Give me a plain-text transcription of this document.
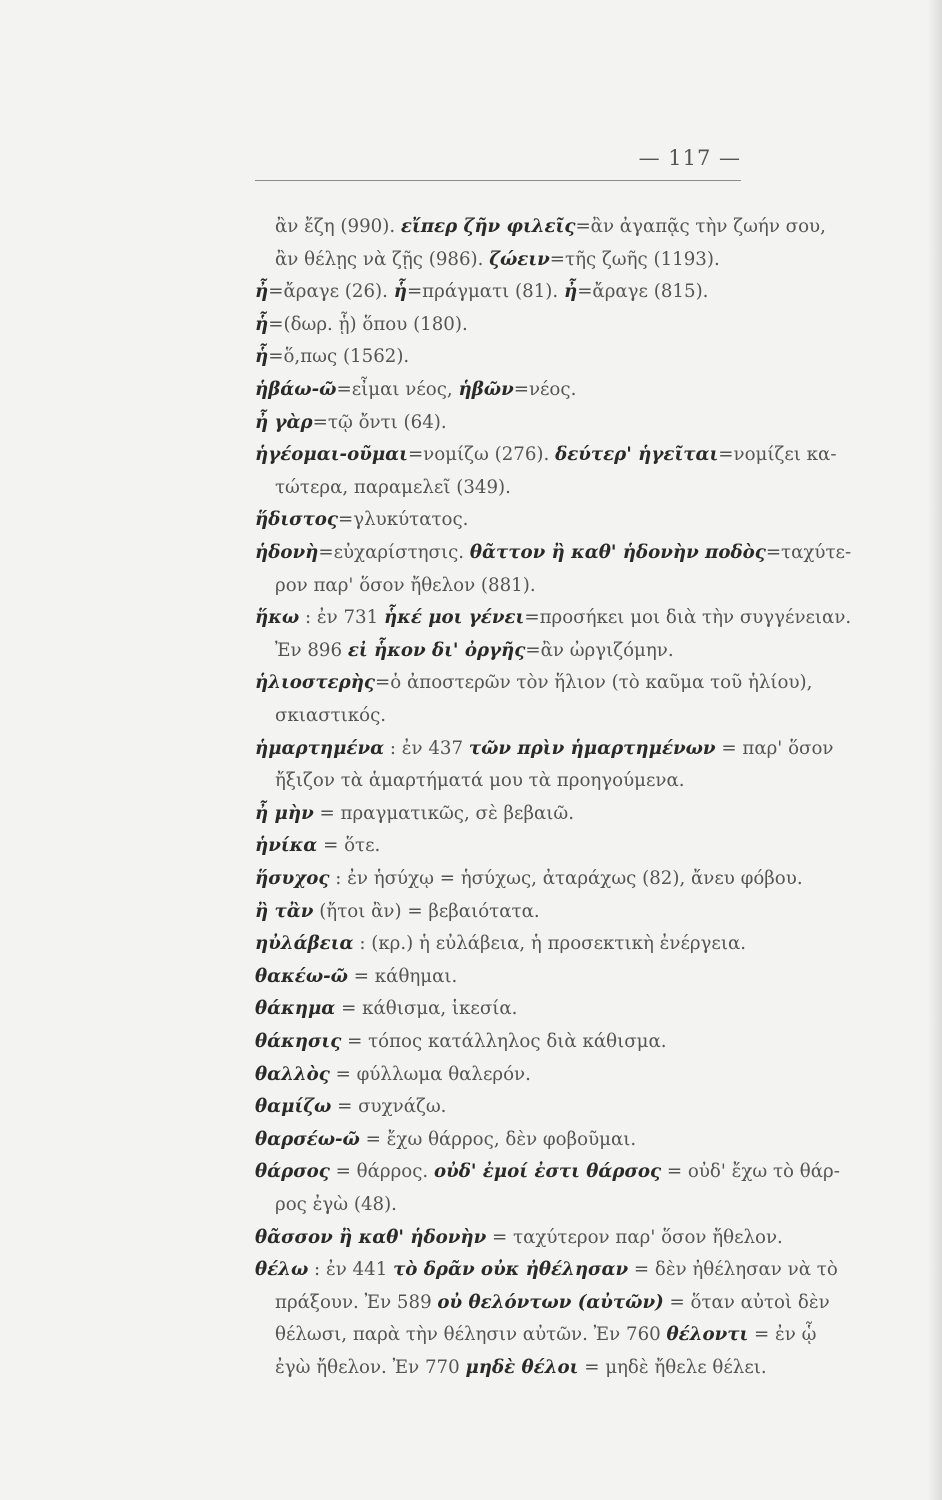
— 117 —
ἂν ἔζη (990). εἴπερ ζῆν φιλεῖς=ἂν ἀγαπᾷς τὴν ζωήν σου,
ἂν θέλῃς νὰ ζῇς (986). ζώειν=τῆς ζωῆς (1193).
ἦ=ἄραγε (26). ἧ=πράγματι (81). ἦ=ἄραγε (815).
ἧ=(δωρ. ᾗ) ὅπου (180).
ἧ=ὅ,πως (1562).
ἡβάω-ῶ=εἶμαι νέος, ἡβῶν=νέος.
ἦ γὰρ=τῷ ὄντι (64).
ἡγέομαι-οῦμαι=νομίζω (276). δεύτερ' ἡγεῖται=νομίζει κα-
τώτερα, παραμελεῖ (349).
ἥδιστος=γλυκύτατος.
ἡδονὴ=εὐχαρίστησις. θᾶττον ἢ καθ' ἡδονὴν ποδὸς=ταχύτε-
ρον παρ' ὅσον ἤθελον (881).
ἥκω : ἐν 731 ἧκέ μοι γένει=προσήκει μοι διὰ τὴν συγγένειαν.
Ἐν 896 εἰ ἧκον δι' ὀργῆς=ἂν ὠργιζόμην.
ἡλιοστερὴς=ὁ ἀποστερῶν τὸν ἥλιον (τὸ καῦμα τοῦ ἡλίου),
σκιαστικός.
ἡμαρτημένα : ἐν 437 τῶν πρὶν ἡμαρτημένων = παρ' ὅσον
ἤξιζον τὰ ἁμαρτήματά μου τὰ προηγούμενα.
ἦ μὴν = πραγματικῶς, σὲ βεβαιῶ.
ἡνίκα = ὅτε.
ἥσυχος : ἐν ἡσύχῳ = ἡσύχως, ἀταράχως (82), ἄνευ φόβου.
ἢ τἂν (ἤτοι ἂν) = βεβαιότατα.
ηὐλάβεια : (κρ.) ἡ εὐλάβεια, ἡ προσεκτικὴ ἐνέργεια.
θακέω-ῶ = κάθημαι.
θάκημα = κάθισμα, ἱκεσία.
θάκησις = τόπος κατάλληλος διὰ κάθισμα.
θαλλὸς = φύλλωμα θαλερόν.
θαμίζω = συχνάζω.
θαρσέω-ῶ = ἔχω θάρρος, δὲν φοβοῦμαι.
θάρσος = θάρρος. οὐδ' ἐμοί ἐστι θάρσος = οὐδ' ἔχω τὸ θάρ-
ρος ἐγὼ (48).
θᾶσσον ἢ καθ' ἡδονὴν = ταχύτερον παρ' ὅσον ἤθελον.
θέλω : ἐν 441 τὸ δρᾶν οὐκ ἠθέλησαν = δὲν ἠθέλησαν νὰ τὸ
πράξουν. Ἐν 589 οὐ θελόντων (αὐτῶν) = ὅταν αὐτοὶ δὲν
θέλωσι, παρὰ τὴν θέλησιν αὐτῶν. Ἐν 760 θέλοντι = ἐν ᾧ
ἐγὼ ἤθελον. Ἐν 770 μηδὲ θέλοι = μηδὲ ἤθελε θέλει.
